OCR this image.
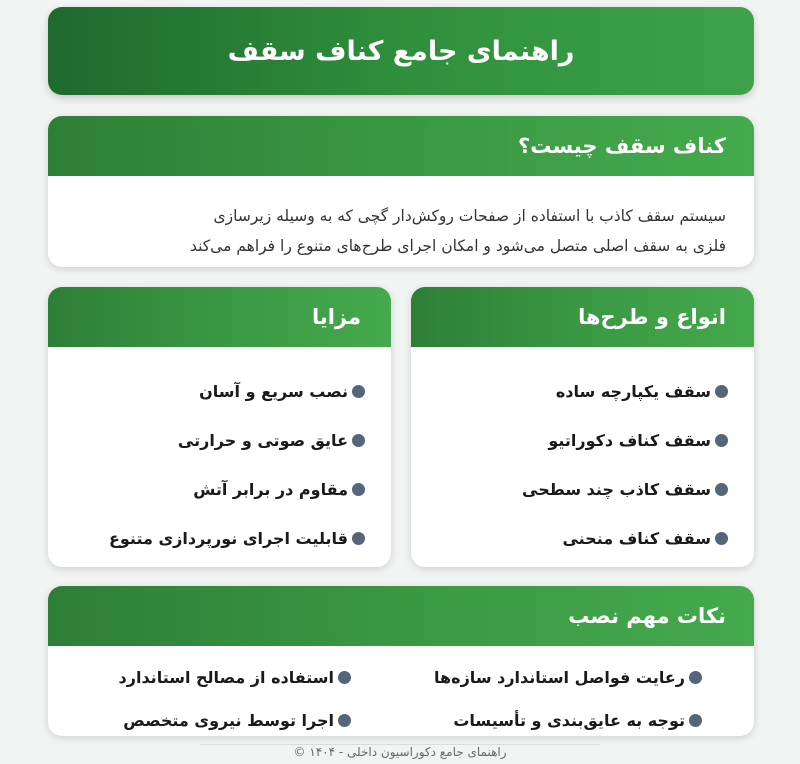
راهنمای جامع کناف سقف
کناف سقف چیست؟

سیستم سقف کاذب با استفاده از صفحات روکش‌دار گچی که به وسیله زیرسازی
فلزی به سقف اصلی متصل می‌شود و امکان اجرای طرح‌های متنوع را فراهم می‌کند

انواع و طرح‌ها
سقف یکپارچه ساده
سقف کناف دکوراتیو
سقف کاذب چند سطحی
سقف کناف منحنی
مزایا
نصب سریع و آسان
عایق صوتی و حرارتی
مقاوم در برابر آتش
قابلیت اجرای نورپردازی متنوع
نکات مهم نصب
رعایت فواصل استاندارد سازه‌ها
توجه به عایق‌بندی و تأسیسات
استفاده از مصالح استاندارد
اجرا توسط نیروی متخصص
راهنمای جامع دکوراسیون داخلی - ۱۴۰۴ ©
